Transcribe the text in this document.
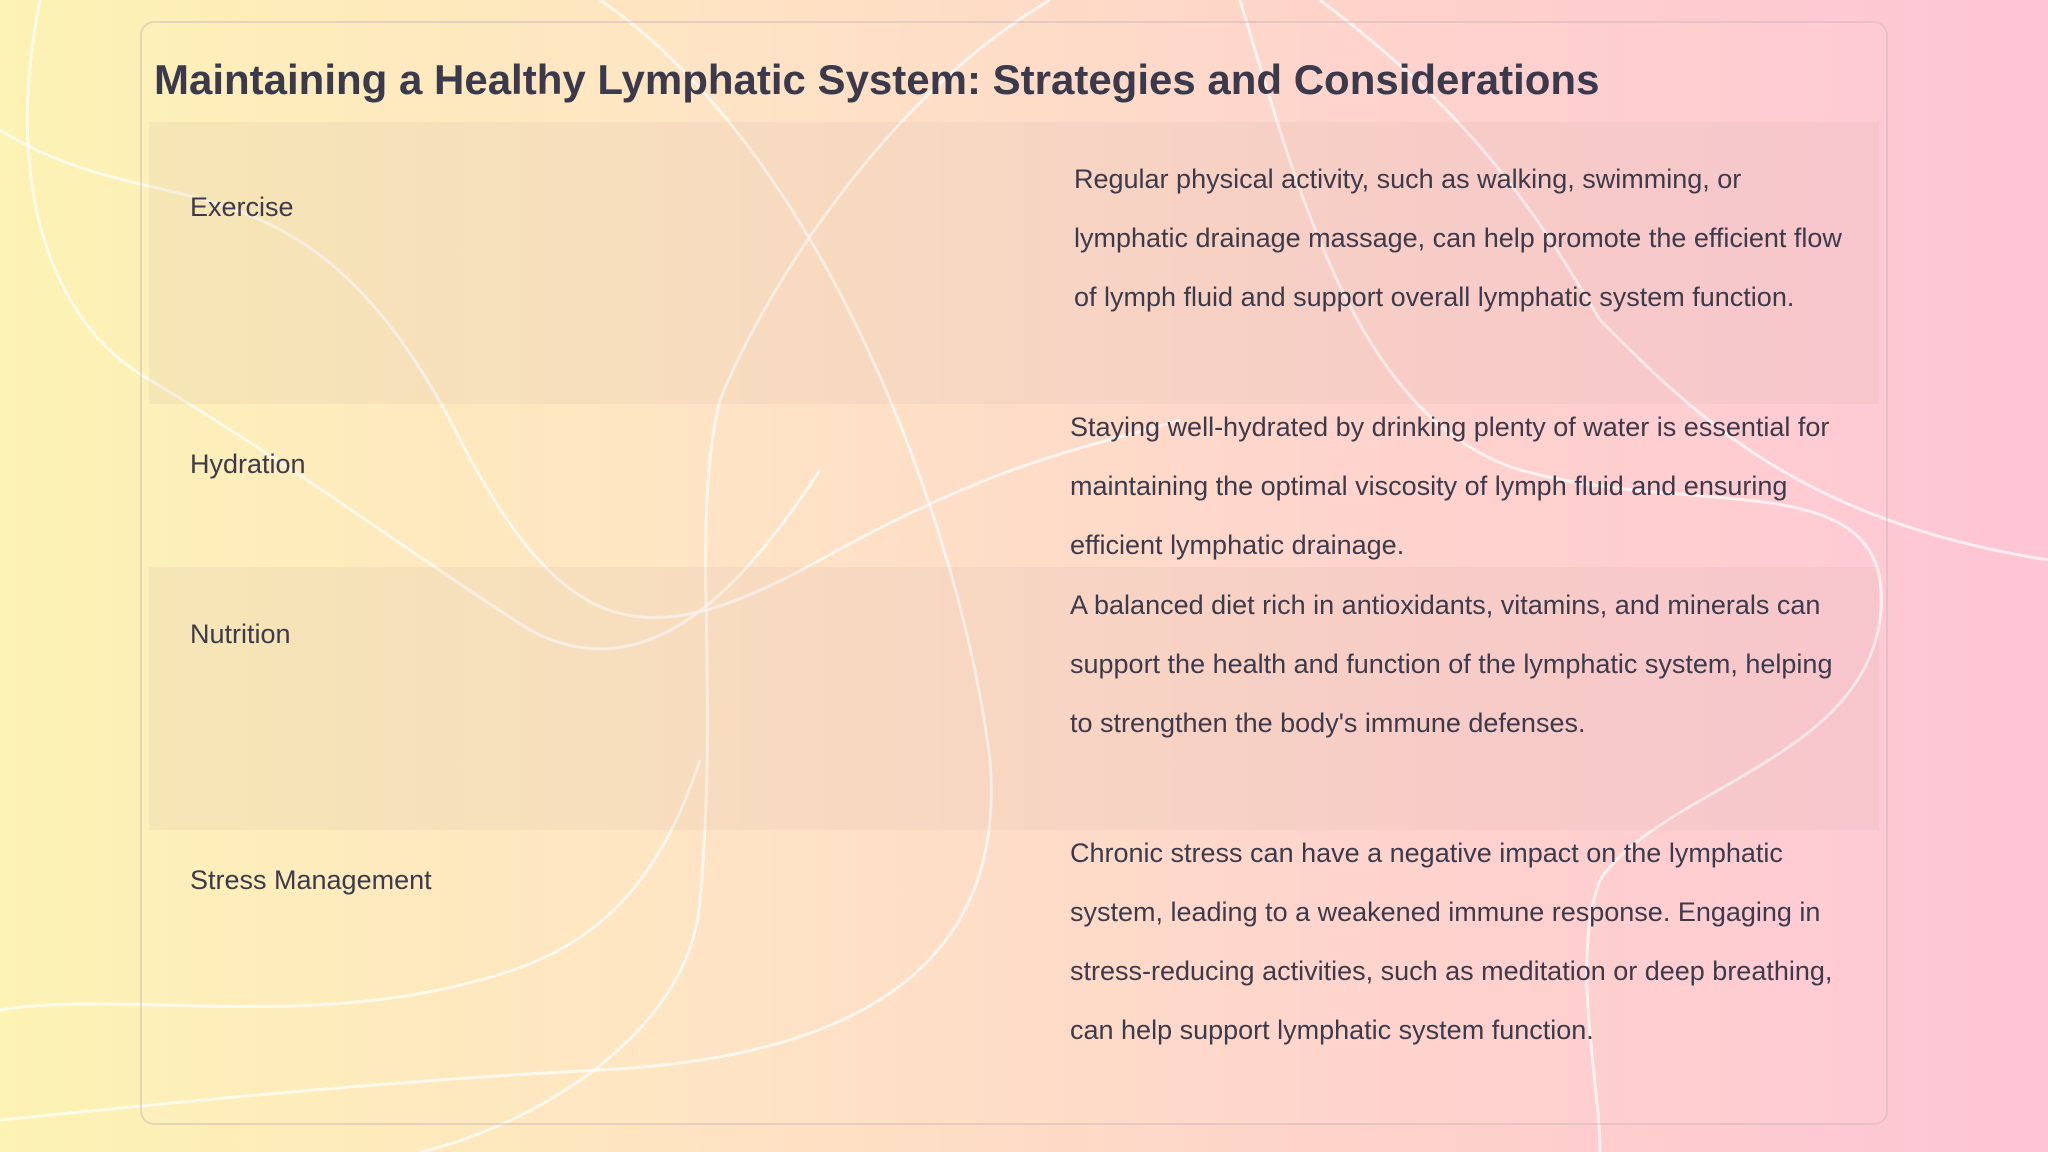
Maintaining a Healthy Lymphatic System: Strategies and Considerations
Exercise
Regular physical activity, such as walking, swimming, or lymphatic drainage massage, can help promote the efficient flow of lymph fluid and support overall lymphatic system function.
Hydration
Staying well-hydrated by drinking plenty of water is essential for maintaining the optimal viscosity of lymph fluid and ensuring efficient lymphatic drainage.
Nutrition
A balanced diet rich in antioxidants, vitamins, and minerals can support the health and function of the lymphatic system, helping to strengthen the body's immune defenses.
Stress Management
Chronic stress can have a negative impact on the lymphatic system, leading to a weakened immune response. Engaging in stress-reducing activities, such as meditation or deep breathing, can help support lymphatic system function.
